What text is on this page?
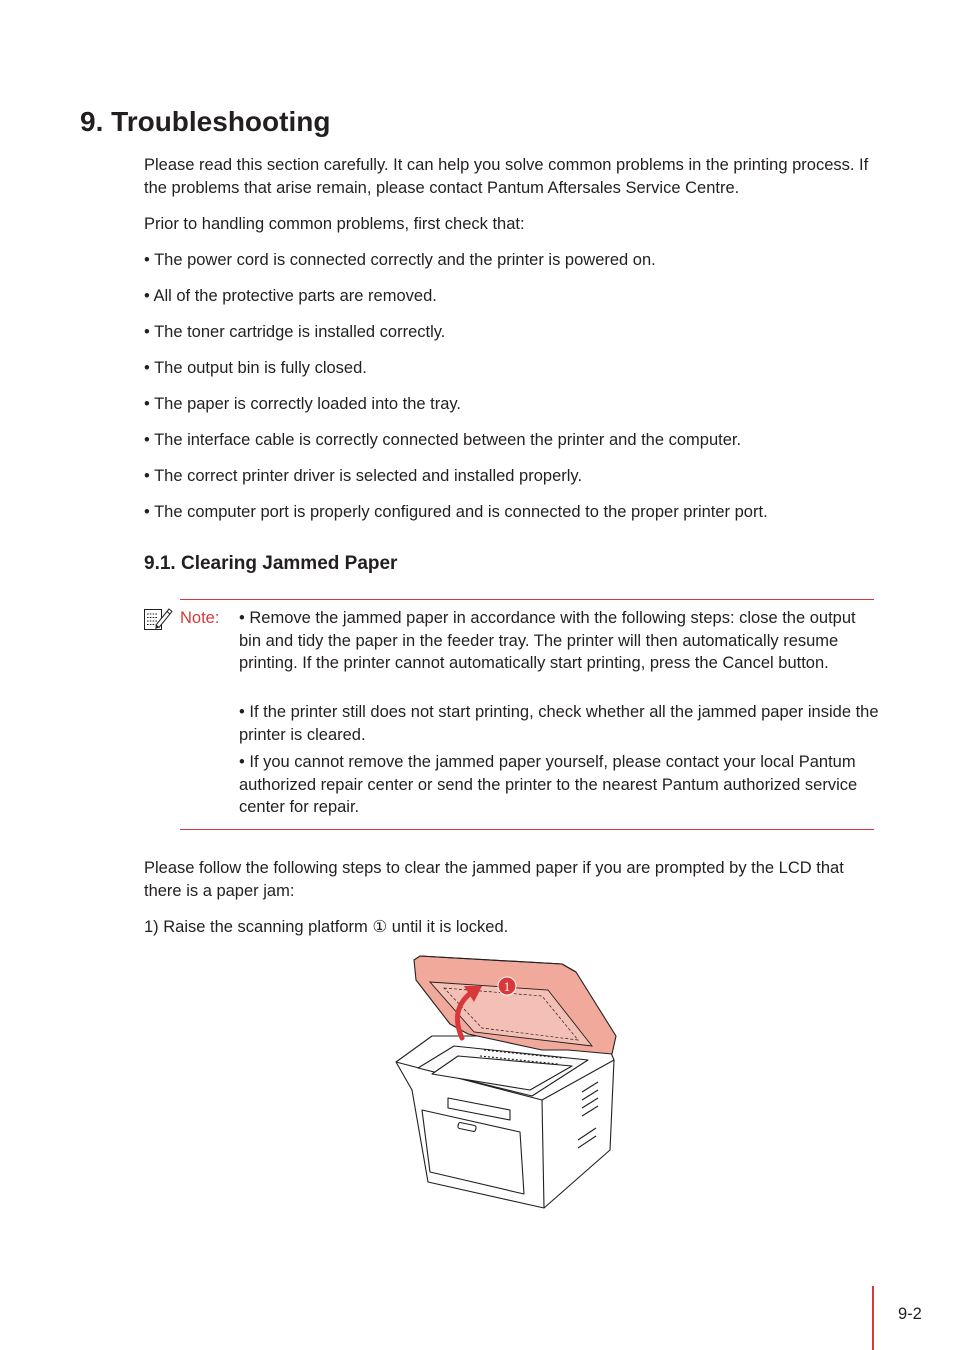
9. Troubleshooting

Please read this section carefully. It can help you solve common problems in the printing process. If the problems that arise remain, please contact Pantum Aftersales Service Centre.

Prior to handling common problems, first check that:

• The power cord is connected correctly and the printer is powered on.

• All of the protective parts are removed.

• The toner cartridge is installed correctly.

• The output bin is fully closed.

• The paper is correctly loaded into the tray.

• The interface cable is correctly connected between the printer and the computer.

• The correct printer driver is selected and installed properly.

• The computer port is properly configured and is connected to the proper printer port.

9.1. Clearing Jammed Paper
Note: • Remove the jammed paper in accordance with the following steps: close the output bin and tidy the paper in the feeder tray. The printer will then automatically resume printing. If the printer cannot automatically start printing, press the Cancel button.

• If the printer still does not start printing, check whether all the jammed paper inside the printer is cleared.

• If you cannot remove the jammed paper yourself, please contact your local Pantum authorized repair center or send the printer to the nearest Pantum authorized service center for repair.

Please follow the following steps to clear the jammed paper if you are prompted by the LCD that there is a paper jam:

1) Raise the scanning platform ① until it is locked.

1
9-2
